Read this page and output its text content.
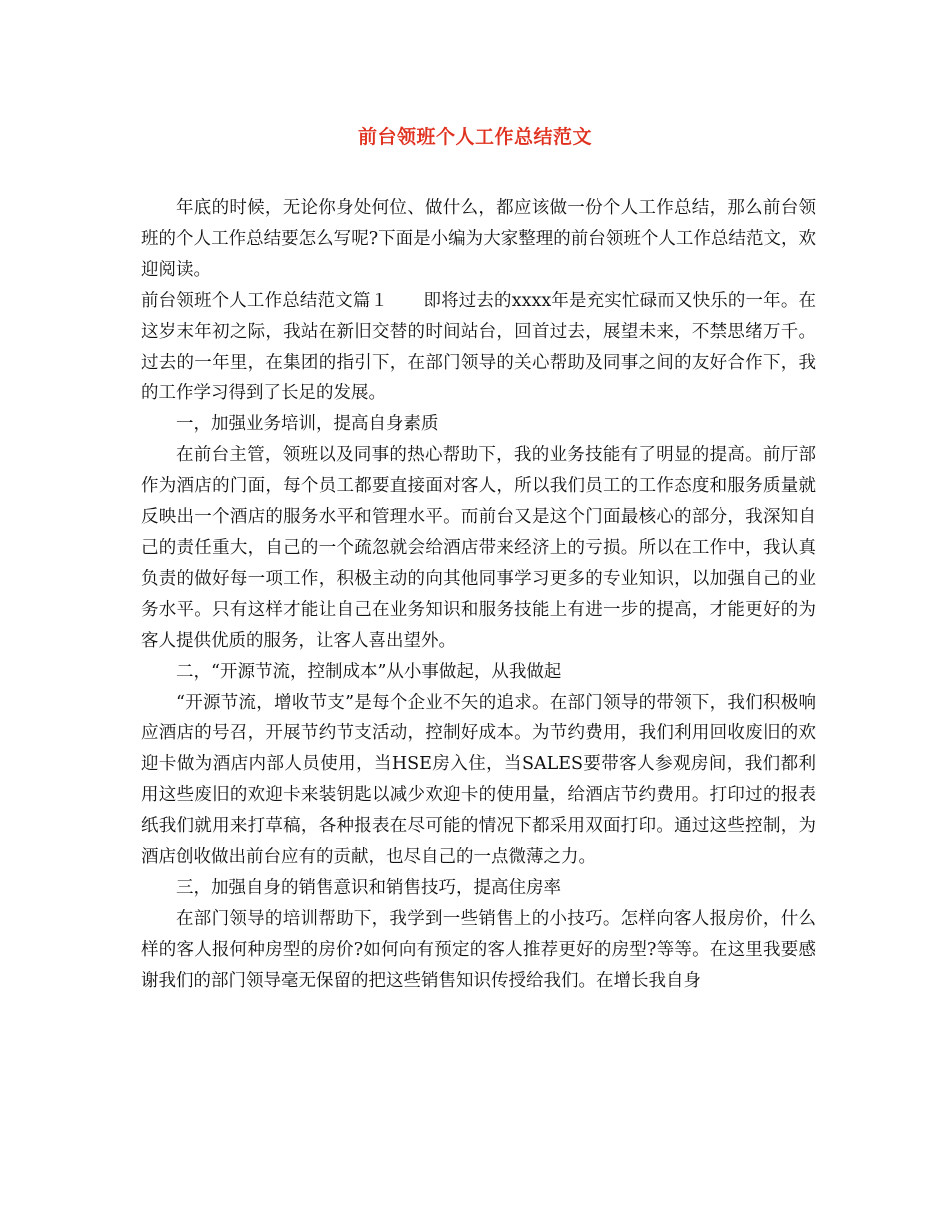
前台领班个人工作总结范文

年底的时候，无论你身处何位、做什么，都应该做一份个人工作总结，那么前台领班的个人工作总结要怎么写呢?下面是小编为大家整理的前台领班个人工作总结范文，欢迎阅读。

前台领班个人工作总结范文篇１　　即将过去的xxxx年是充实忙碌而又快乐的一年。在这岁末年初之际，我站在新旧交替的时间站台，回首过去，展望未来，不禁思绪万千。过去的一年里，在集团的指引下，在部门领导的关心帮助及同事之间的友好合作下，我的工作学习得到了长足的发展。

一，加强业务培训，提高自身素质

在前台主管，领班以及同事的热心帮助下，我的业务技能有了明显的提高。前厅部作为酒店的门面，每个员工都要直接面对客人，所以我们员工的工作态度和服务质量就反映出一个酒店的服务水平和管理水平。而前台又是这个门面最核心的部分，我深知自己的责任重大，自己的一个疏忽就会给酒店带来经济上的亏损。所以在工作中，我认真负责的做好每一项工作，积极主动的向其他同事学习更多的专业知识，以加强自己的业务水平。只有这样才能让自己在业务知识和服务技能上有进一步的提高，才能更好的为客人提供优质的服务，让客人喜出望外。

二，“开源节流，控制成本”从小事做起，从我做起

“开源节流，增收节支”是每个企业不矢的追求。在部门领导的带领下，我们积极响应酒店的号召，开展节约节支活动，控制好成本。为节约费用，我们利用回收废旧的欢迎卡做为酒店内部人员使用，当HSE房入住，当SALES要带客人参观房间，我们都利用这些废旧的欢迎卡来装钥匙以减少欢迎卡的使用量，给酒店节约费用。打印过的报表纸我们就用来打草稿，各种报表在尽可能的情况下都采用双面打印。通过这些控制，为酒店创收做出前台应有的贡献，也尽自己的一点微薄之力。

三，加强自身的销售意识和销售技巧，提高住房率

在部门领导的培训帮助下，我学到一些销售上的小技巧。怎样向客人报房价，什么样的客人报何种房型的房价?如何向有预定的客人推荐更好的房型?等等。在这里我要感谢我们的部门领导毫无保留的把这些销售知识传授给我们。在增长我自身
